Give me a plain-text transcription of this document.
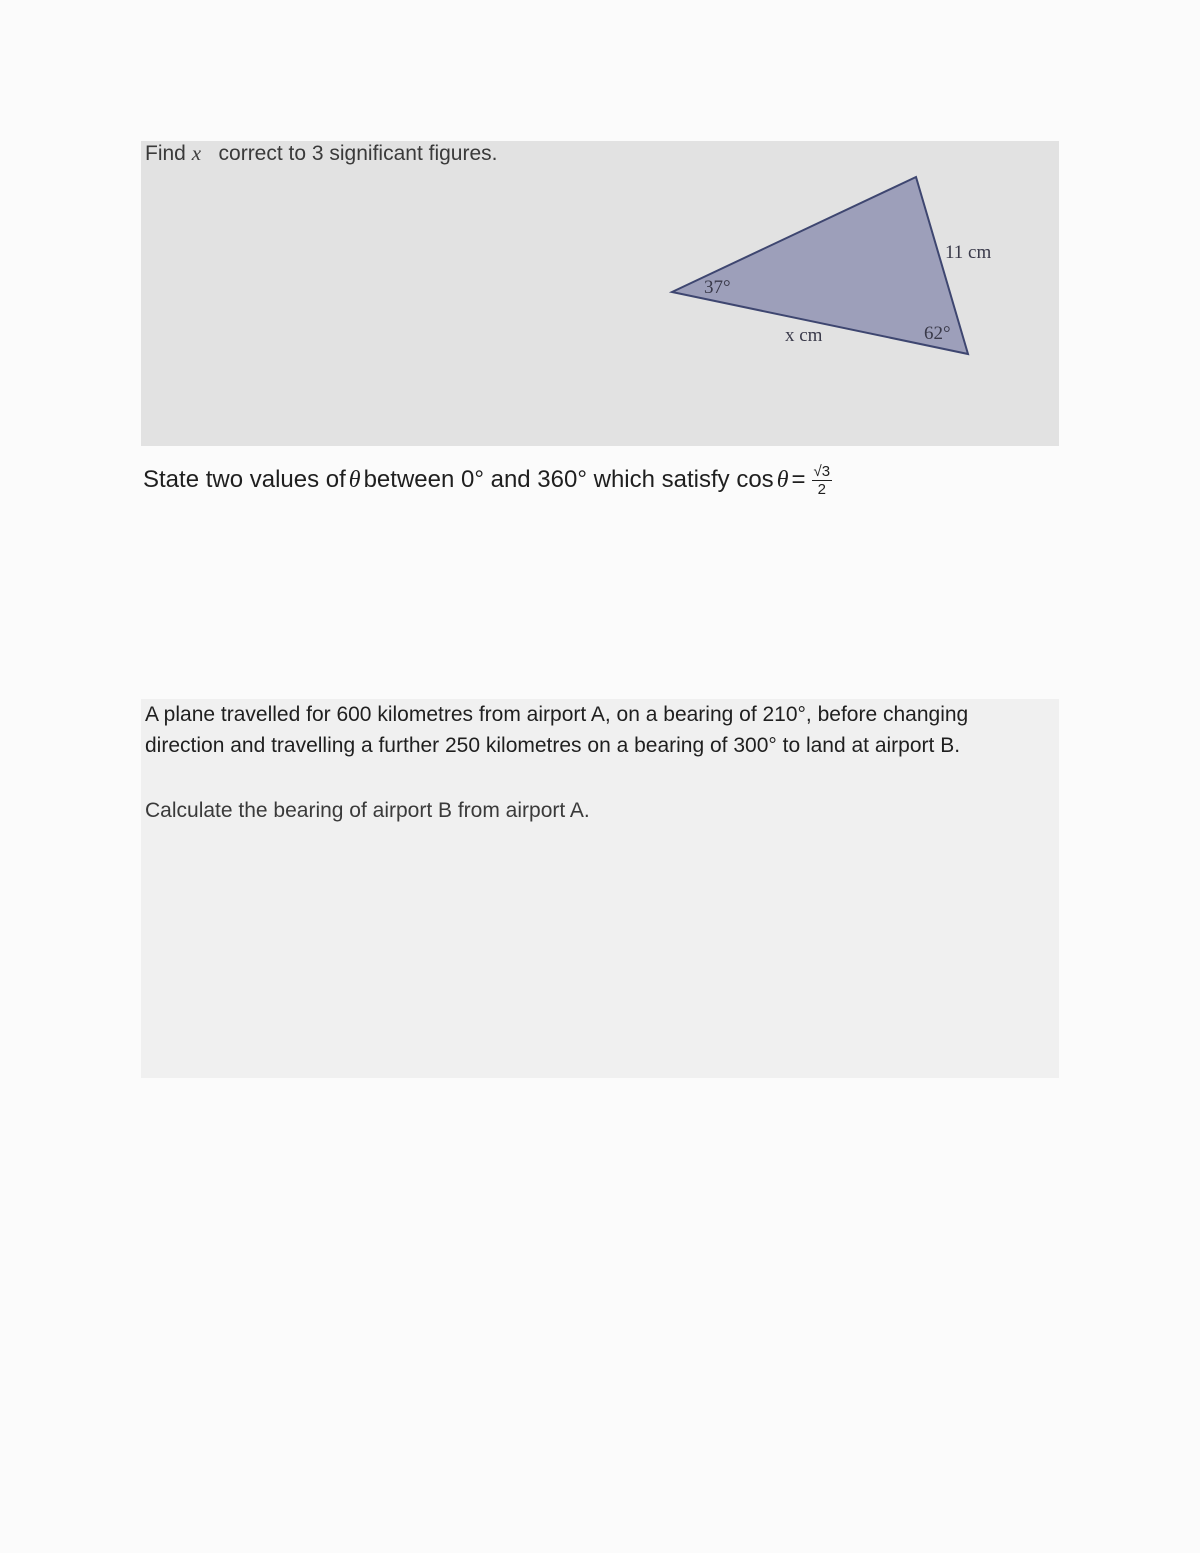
Find x   correct to 3 significant figures.
37°
62°
11 cm
x cm
State two values of θ between 0° and 360° which satisfy $\cos \theta = \frac{√3}{2}$

A plane travelled for 600 kilometres from airport A, on a bearing of 210°, before changing direction and travelling a further 250 kilometres on a bearing of 300° to land at airport B.

Calculate the bearing of airport B from airport A.
